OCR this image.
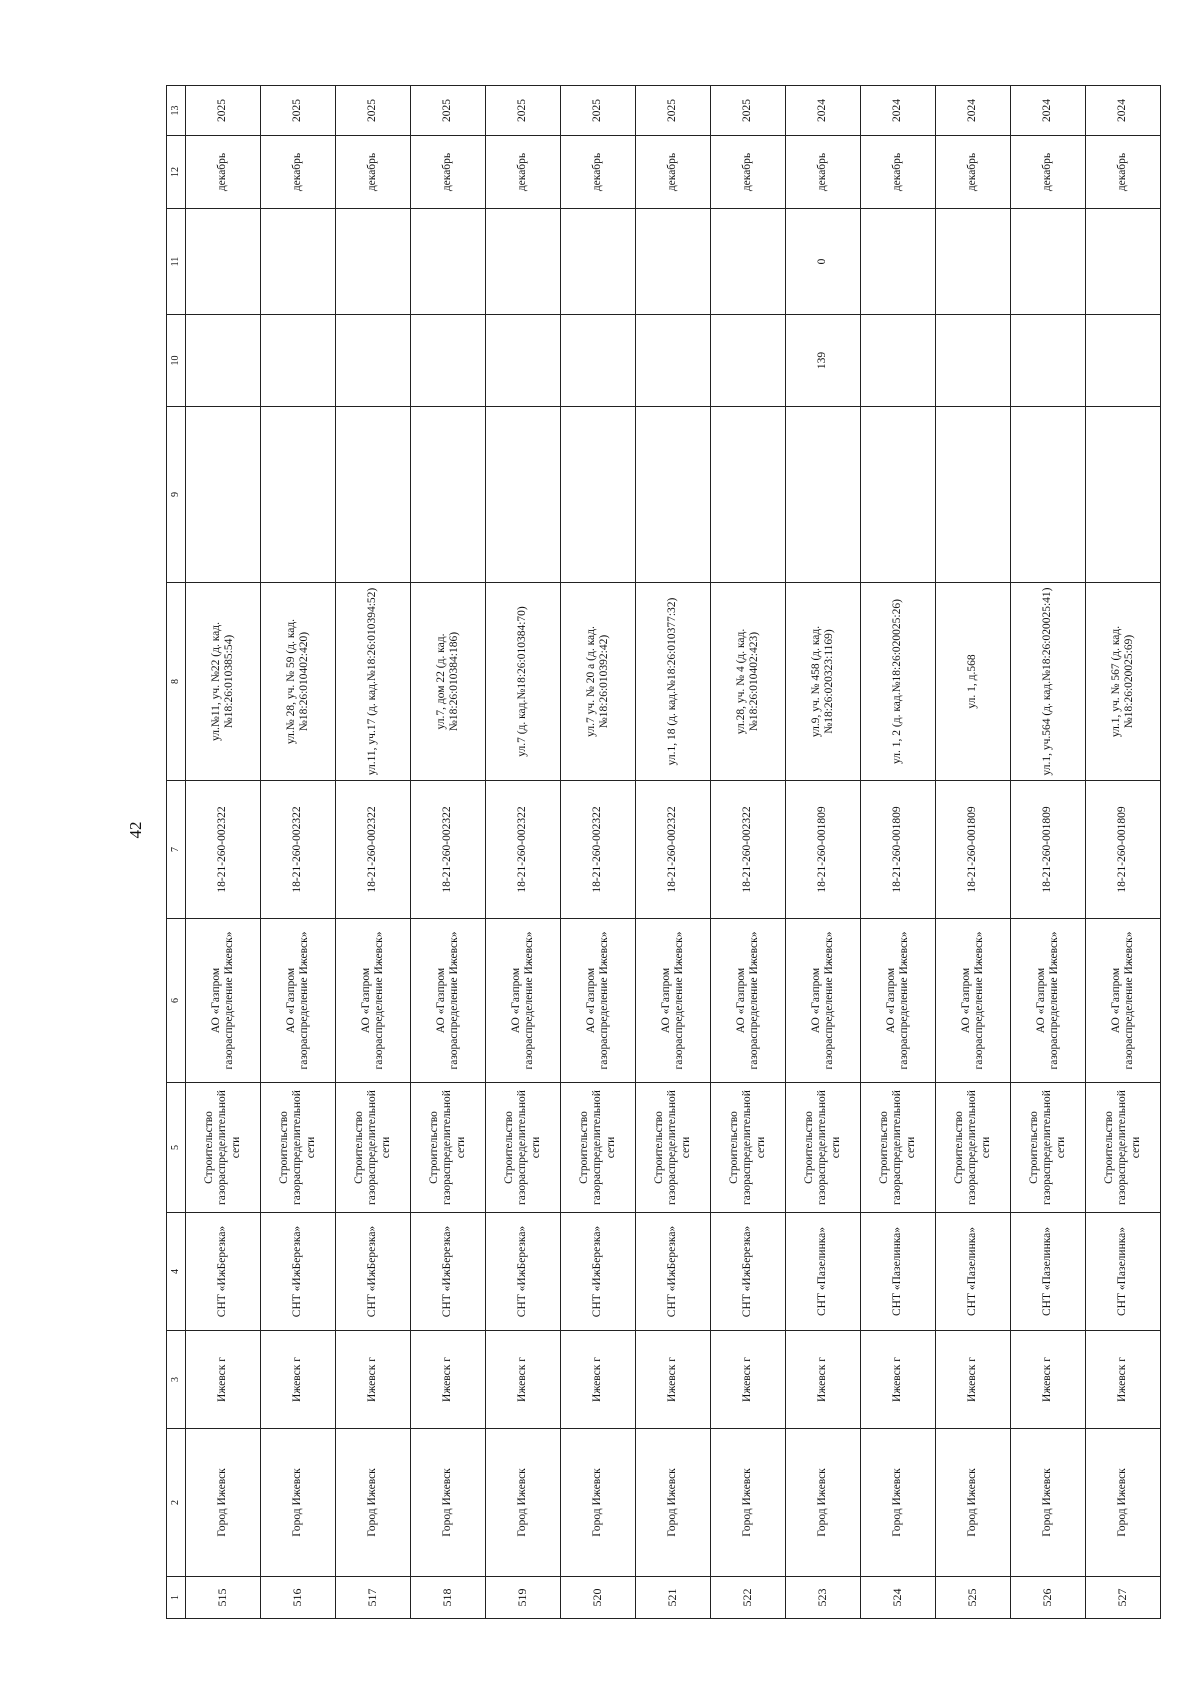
42
1	2	3	4	5	6	7	8	9	10	11	12	13
515	Город Ижевск	Ижевск г	СНТ «ИжБерезка»	Строительство газораспределительной сети	АО «Газпром газораспределение Ижевск»	18-21-260-002322	ул.№11, уч. №22 (д. кад.№18:26:010385:54)				декабрь	2025
516	Город Ижевск	Ижевск г	СНТ «ИжБерезка»	Строительство газораспределительной сети	АО «Газпром газораспределение Ижевск»	18-21-260-002322	ул.№ 28, уч. № 59 (д. кад.№18:26:010402:420)				декабрь	2025
517	Город Ижевск	Ижевск г	СНТ «ИжБерезка»	Строительство газораспределительной сети	АО «Газпром газораспределение Ижевск»	18-21-260-002322	ул.11, уч.17 (д. кад.№18:26:010394:52)				декабрь	2025
518	Город Ижевск	Ижевск г	СНТ «ИжБерезка»	Строительство газораспределительной сети	АО «Газпром газораспределение Ижевск»	18-21-260-002322	ул.7, дом 22 (д. кад.№18:26:010384:186)				декабрь	2025
519	Город Ижевск	Ижевск г	СНТ «ИжБерезка»	Строительство газораспределительной сети	АО «Газпром газораспределение Ижевск»	18-21-260-002322	ул.7 (д. кад.№18:26:010384:70)				декабрь	2025
520	Город Ижевск	Ижевск г	СНТ «ИжБерезка»	Строительство газораспределительной сети	АО «Газпром газораспределение Ижевск»	18-21-260-002322	ул.7 уч. № 20 а (д. кад.№18:26:010392:42)				декабрь	2025
521	Город Ижевск	Ижевск г	СНТ «ИжБерезка»	Строительство газораспределительной сети	АО «Газпром газораспределение Ижевск»	18-21-260-002322	ул.1, 18 (д. кад.№18:26:010377:32)				декабрь	2025
522	Город Ижевск	Ижевск г	СНТ «ИжБерезка»	Строительство газораспределительной сети	АО «Газпром газораспределение Ижевск»	18-21-260-002322	ул.28, уч. № 4 (д. кад.№18:26:010402:423)				декабрь	2025
523	Город Ижевск	Ижевск г	СНТ «Пазелинка»	Строительство газораспределительной сети	АО «Газпром газораспределение Ижевск»	18-21-260-001809	ул.9, уч. № 458 (д. кад.№18:26:020323:1169)		139	0	декабрь	2024
524	Город Ижевск	Ижевск г	СНТ «Пазелинка»	Строительство газораспределительной сети	АО «Газпром газораспределение Ижевск»	18-21-260-001809	ул. 1, 2 (д. кад.№18:26:020025:26)				декабрь	2024
525	Город Ижевск	Ижевск г	СНТ «Пазелинка»	Строительство газораспределительной сети	АО «Газпром газораспределение Ижевск»	18-21-260-001809	ул. 1, д.568				декабрь	2024
526	Город Ижевск	Ижевск г	СНТ «Пазелинка»	Строительство газораспределительной сети	АО «Газпром газораспределение Ижевск»	18-21-260-001809	ул.1, уч.564 (д. кад.№18:26:020025:41)				декабрь	2024
527	Город Ижевск	Ижевск г	СНТ «Пазелинка»	Строительство газораспределительной сети	АО «Газпром газораспределение Ижевск»	18-21-260-001809	ул.1, уч. № 567 (д. кад.№18:26:020025:69)				декабрь	2024
